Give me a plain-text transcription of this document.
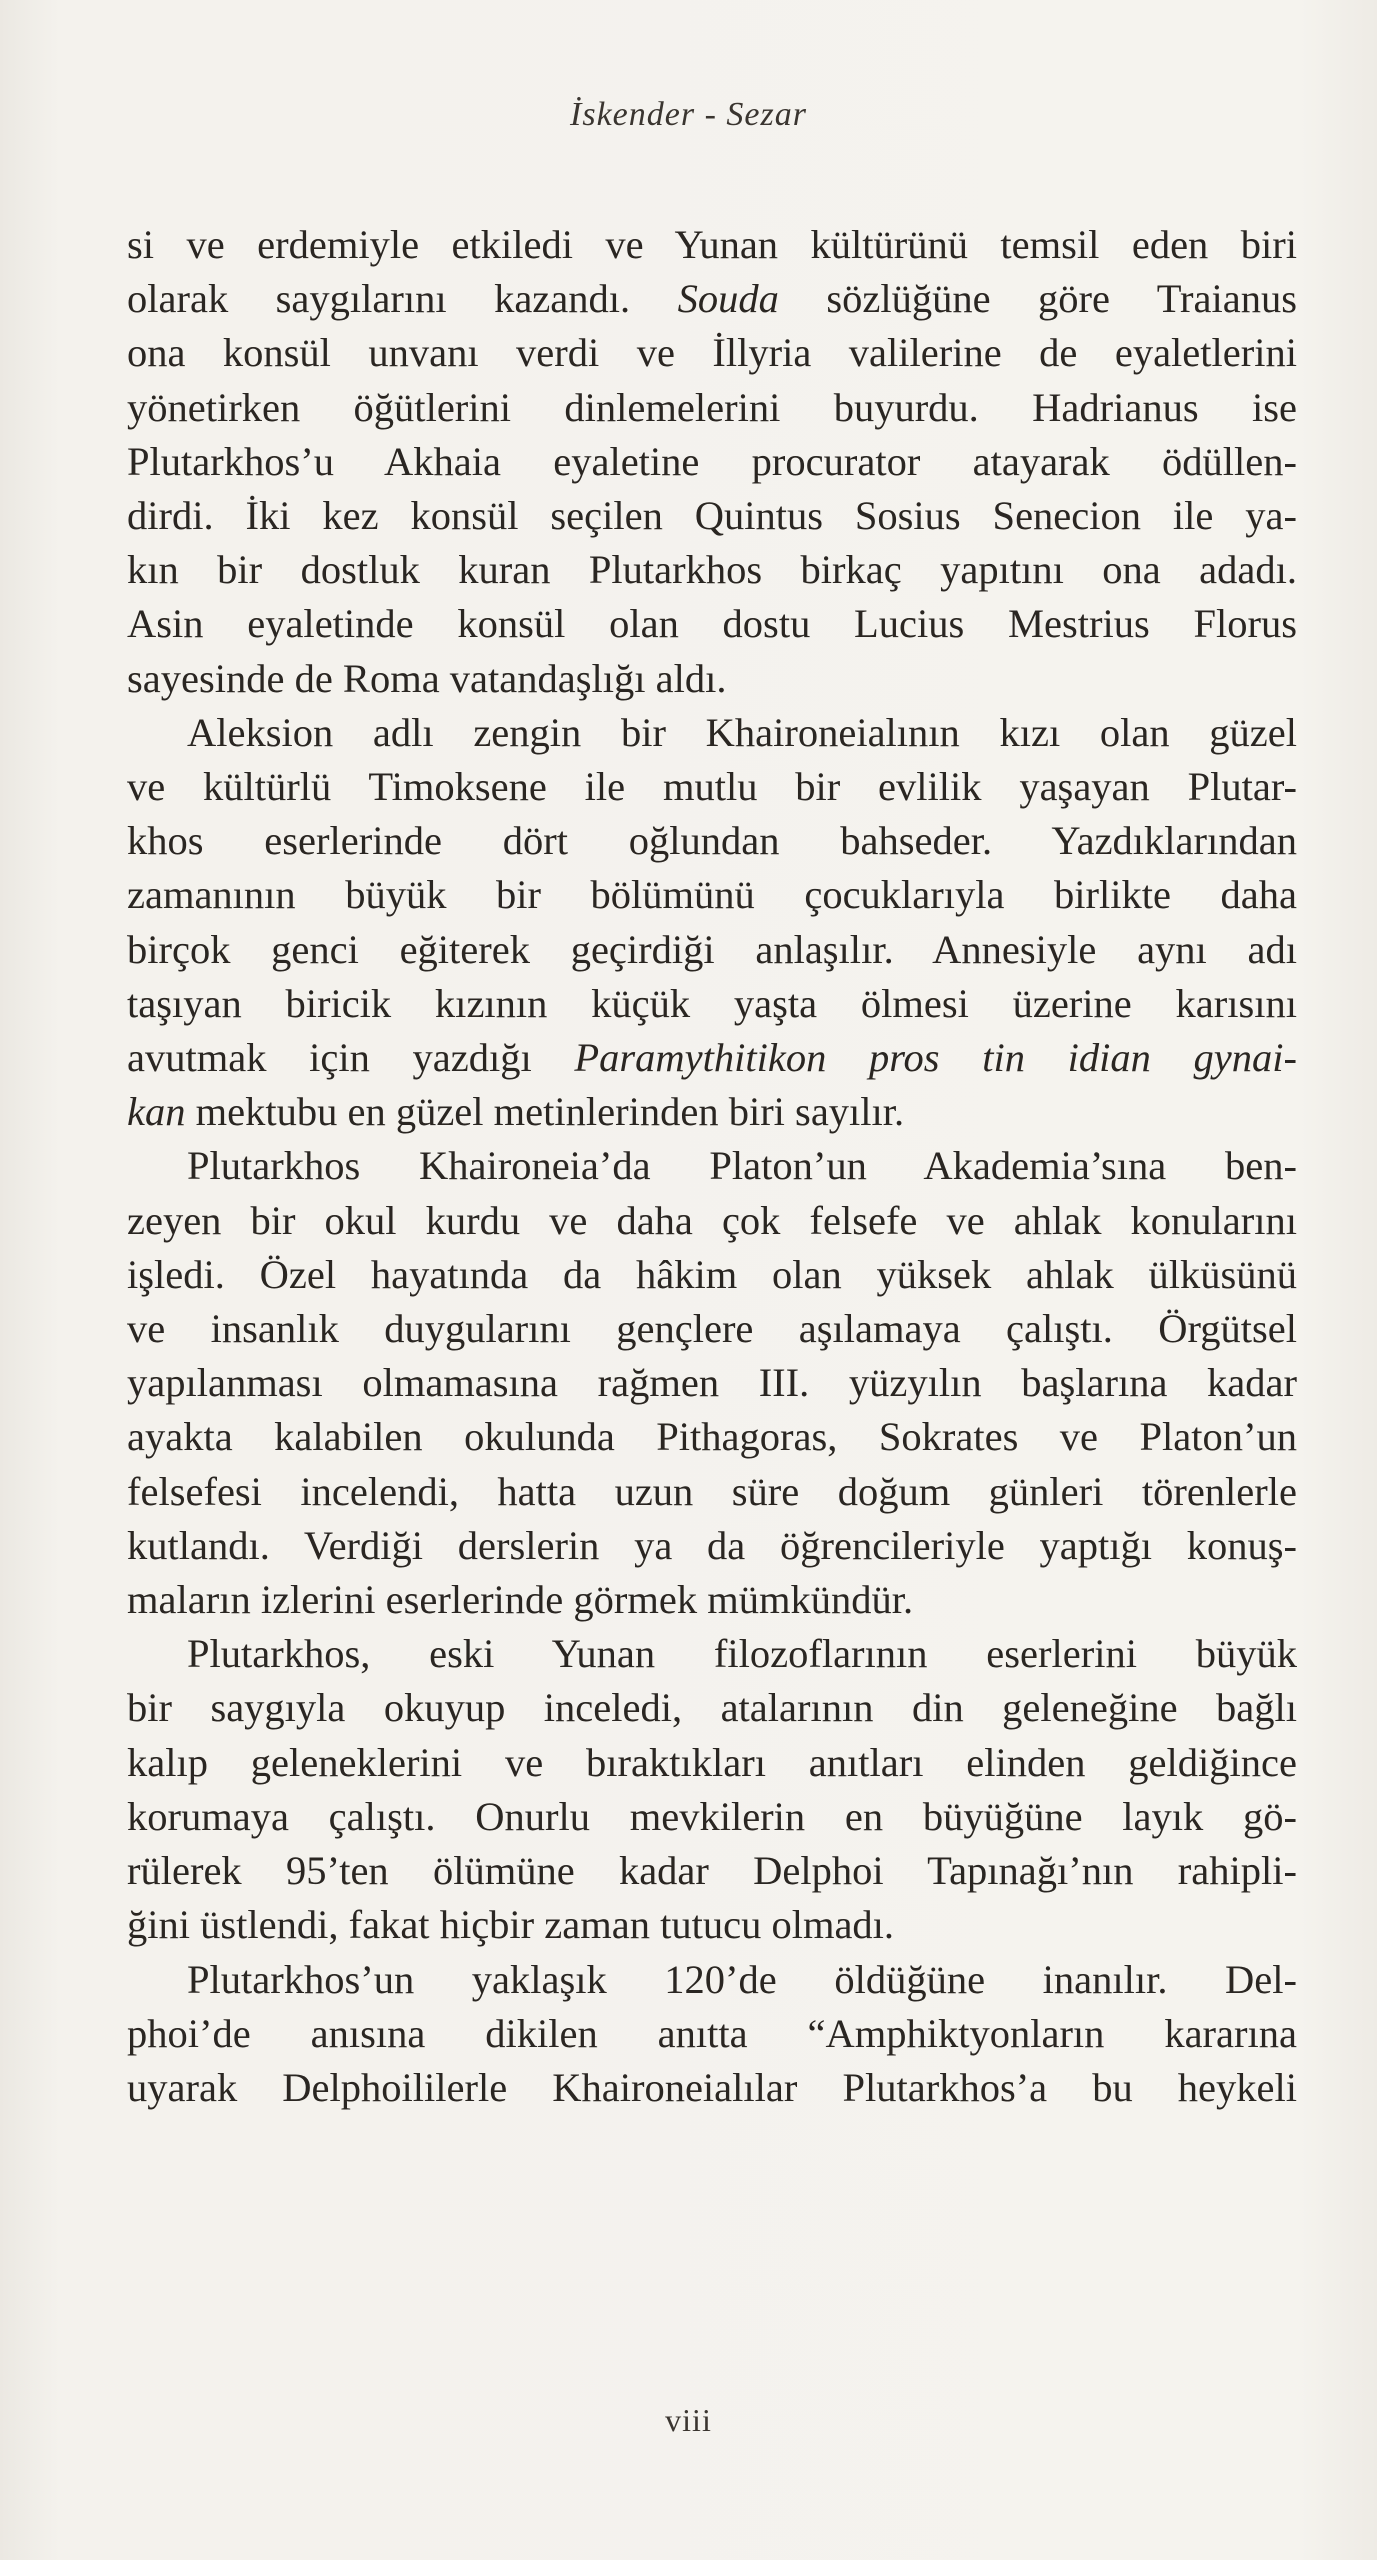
İskender - Sezar
si ve erdemiyle etkiledi ve Yunan kültürünü temsil eden biri
olarak saygılarını kazandı. Souda sözlüğüne göre Traianus
ona konsül unvanı verdi ve İllyria valilerine de eyaletlerini
yönetirken öğütlerini dinlemelerini buyurdu. Hadrianus ise
Plutarkhos’u Akhaia eyaletine procurator atayarak ödüllen-
dirdi. İki kez konsül seçilen Quintus Sosius Senecion ile ya-
kın bir dostluk kuran Plutarkhos birkaç yapıtını ona adadı.
Asin eyaletinde konsül olan dostu Lucius Mestrius Florus
sayesinde de Roma vatandaşlığı aldı.
Aleksion adlı zengin bir Khaironeialının kızı olan güzel
ve kültürlü Timoksene ile mutlu bir evlilik yaşayan Plutar-
khos eserlerinde dört oğlundan bahseder. Yazdıklarından
zamanının büyük bir bölümünü çocuklarıyla birlikte daha
birçok genci eğiterek geçirdiği anlaşılır. Annesiyle aynı adı
taşıyan biricik kızının küçük yaşta ölmesi üzerine karısını
avutmak için yazdığı Paramythitikon pros tin idian gynai-
kan mektubu en güzel metinlerinden biri sayılır.
Plutarkhos Khaironeia’da Platon’un Akademia’sına ben-
zeyen bir okul kurdu ve daha çok felsefe ve ahlak konularını
işledi. Özel hayatında da hâkim olan yüksek ahlak ülküsünü
ve insanlık duygularını gençlere aşılamaya çalıştı. Örgütsel
yapılanması olmamasına rağmen III. yüzyılın başlarına kadar
ayakta kalabilen okulunda Pithagoras, Sokrates ve Platon’un
felsefesi incelendi, hatta uzun süre doğum günleri törenlerle
kutlandı. Verdiği derslerin ya da öğrencileriyle yaptığı konuş-
maların izlerini eserlerinde görmek mümkündür.
Plutarkhos, eski Yunan filozoflarının eserlerini büyük
bir saygıyla okuyup inceledi, atalarının din geleneğine bağlı
kalıp geleneklerini ve bıraktıkları anıtları elinden geldiğince
korumaya çalıştı. Onurlu mevkilerin en büyüğüne layık gö-
rülerek 95’ten ölümüne kadar Delphoi Tapınağı’nın rahipli-
ğini üstlendi, fakat hiçbir zaman tutucu olmadı.
Plutarkhos’un yaklaşık 120’de öldüğüne inanılır. Del-
phoi’de anısına dikilen anıtta “Amphiktyonların kararına
uyarak Delphoililerle Khaironeialılar Plutarkhos’a bu heykeli
viii
